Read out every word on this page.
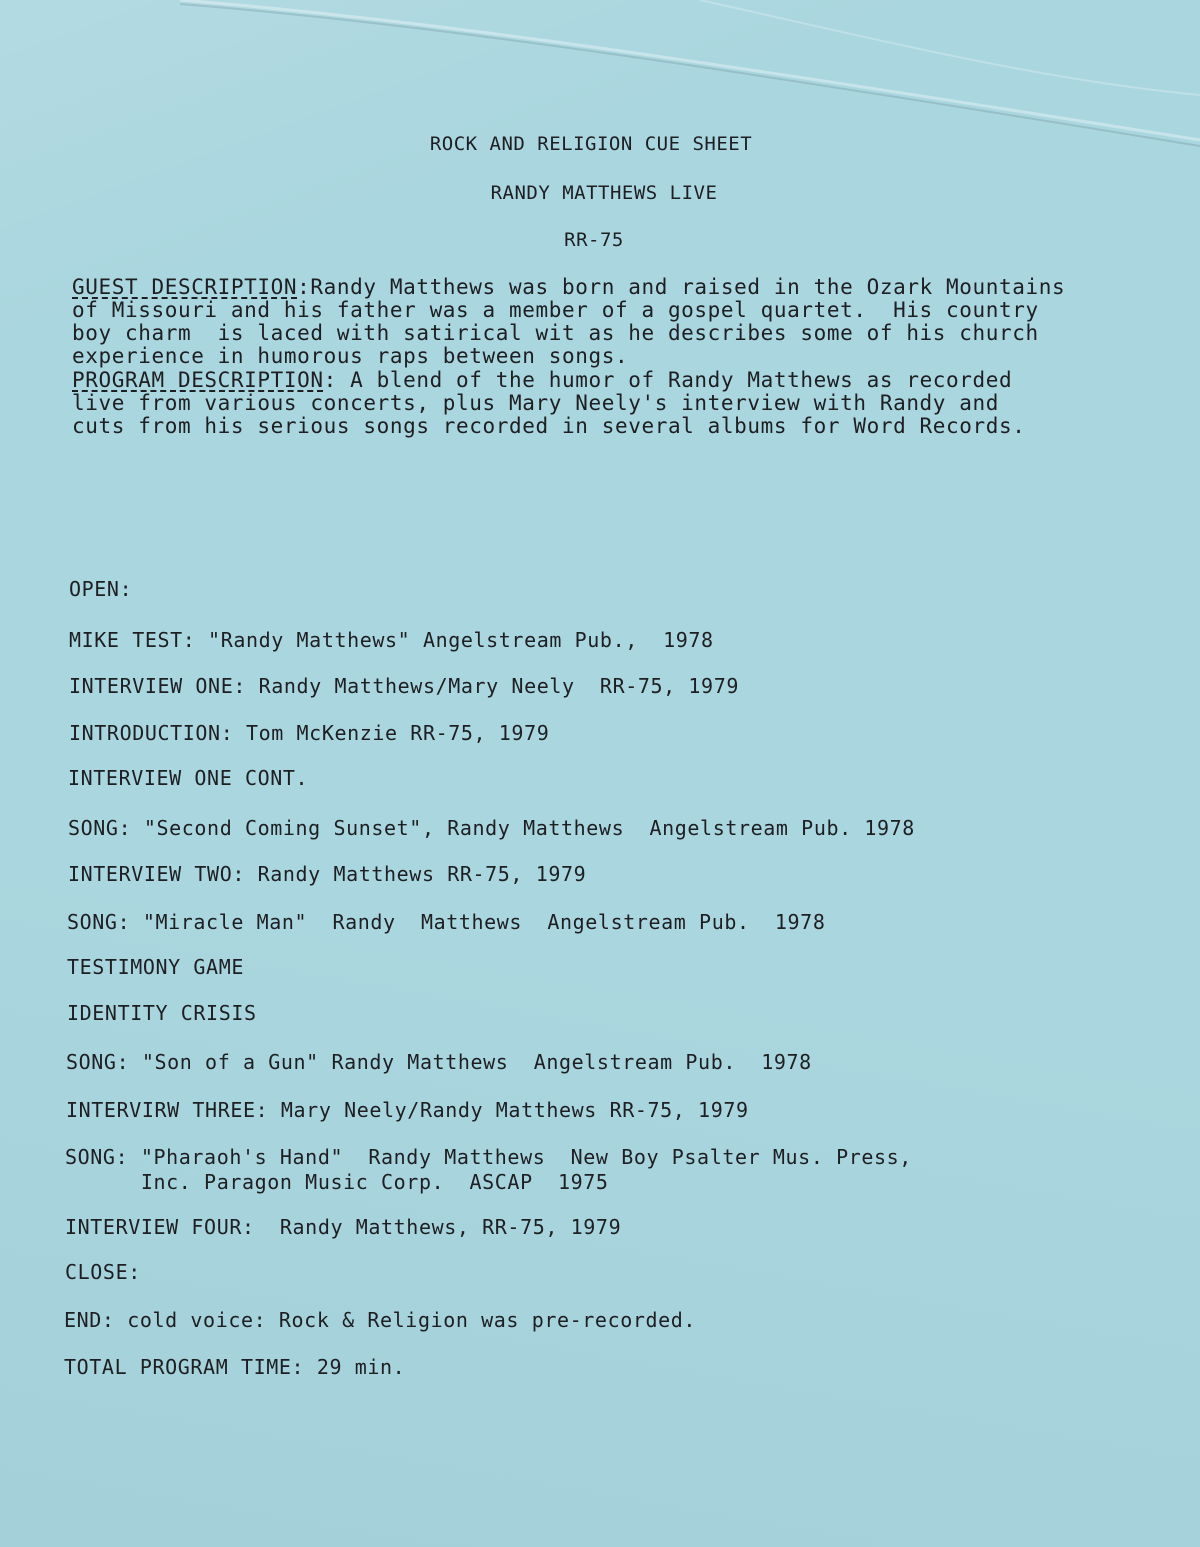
ROCK AND RELIGION CUE SHEET
RANDY MATTHEWS LIVE
RR-75
GUEST DESCRIPTION:Randy Matthews was born and raised in the Ozark Mountains
of Missouri and his father was a member of a gospel quartet.  His country
boy charm  is laced with satirical wit as he describes some of his church
experience in humorous raps between songs.
PROGRAM DESCRIPTION: A blend of the humor of Randy Matthews as recorded
live from various concerts, plus Mary Neely's interview with Randy and
cuts from his serious songs recorded in several albums for Word Records.
OPEN:
MIKE TEST: "Randy Matthews" Angelstream Pub.,  1978
INTERVIEW ONE: Randy Matthews/Mary Neely  RR-75, 1979
INTRODUCTION: Tom McKenzie RR-75, 1979
INTERVIEW ONE CONT.
SONG: "Second Coming Sunset", Randy Matthews  Angelstream Pub. 1978
INTERVIEW TWO: Randy Matthews RR-75, 1979
SONG: "Miracle Man"  Randy  Matthews  Angelstream Pub.  1978
TESTIMONY GAME
IDENTITY CRISIS
SONG: "Son of a Gun" Randy Matthews  Angelstream Pub.  1978
INTERVIRW THREE: Mary Neely/Randy Matthews RR-75, 1979
SONG: "Pharaoh's Hand"  Randy Matthews  New Boy Psalter Mus. Press,
Inc. Paragon Music Corp.  ASCAP  1975
INTERVIEW FOUR:  Randy Matthews, RR-75, 1979
CLOSE:
END: cold voice: Rock & Religion was pre-recorded.
TOTAL PROGRAM TIME: 29 min.
